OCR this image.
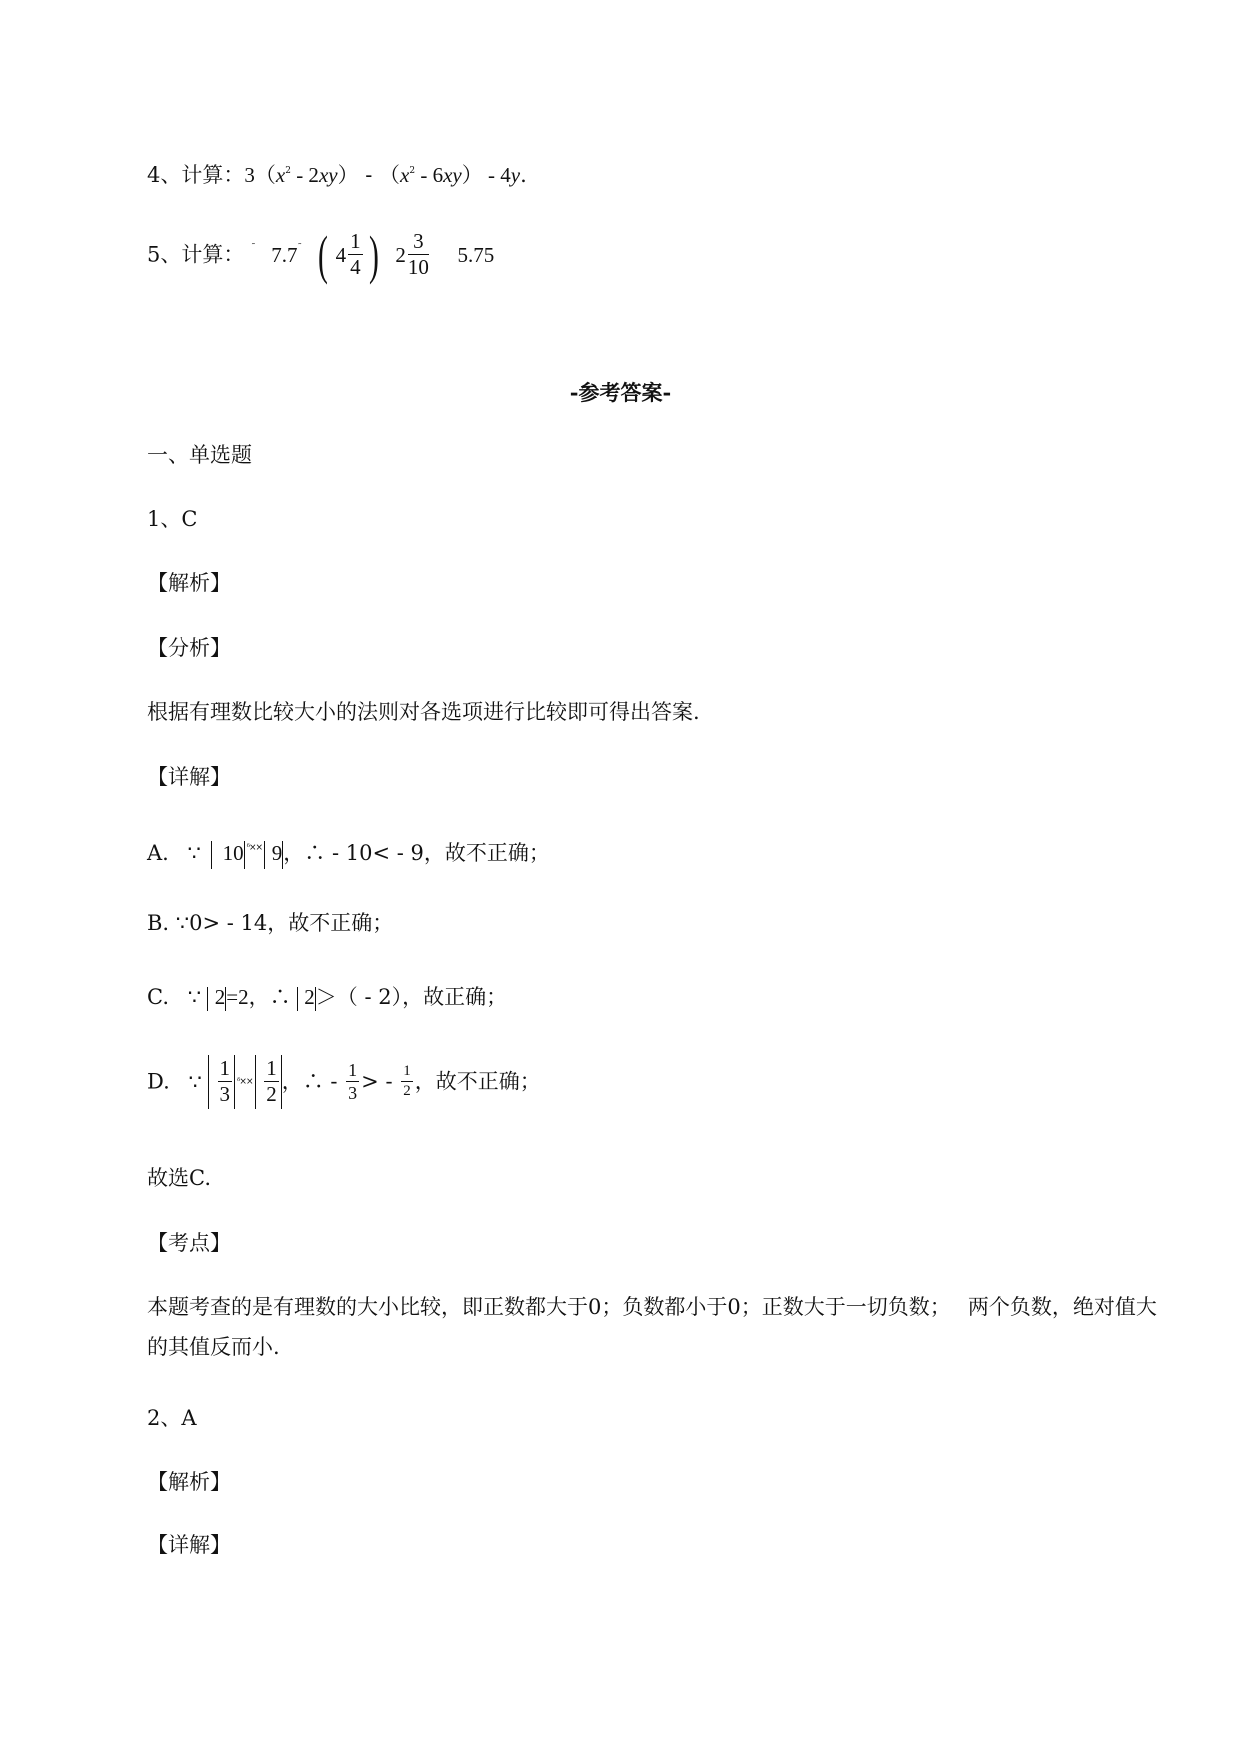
4、计算：$3(x^2 - 2xy) - (x^2 - 6xy) - 4y$.
5、计算： ˜ 7.7˜ ( $4 \frac{1}{4}$ ) $2 \frac{3}{10} 5.75$
-参考答案-
一、单选题
1、C
【解析】
【分析】
根据有理数比较大小的法则对各选项进行比较即可得出答案.
【详解】
A. ∵ 10 ᵟ×× 9，∴ - 10< - 9，故不正确；
B. ∵0> - 14，故不正确；
C. ∵ 2=2，∴ 2＞（ - 2），故正确；
D. ∵ $\frac{1}{3}$ ᵟ×× $\frac{1}{2}$ ，∴ - $\frac{1}{3}$ > - $\frac{1}{2}$ ，故不正确；
故选C.
【考点】
本题考查的是有理数的大小比较，即正数都大于0；负数都小于0；正数大于一切负数；　 两个负数，绝对值大的其值反而小.
2、A
【解析】
【详解】
